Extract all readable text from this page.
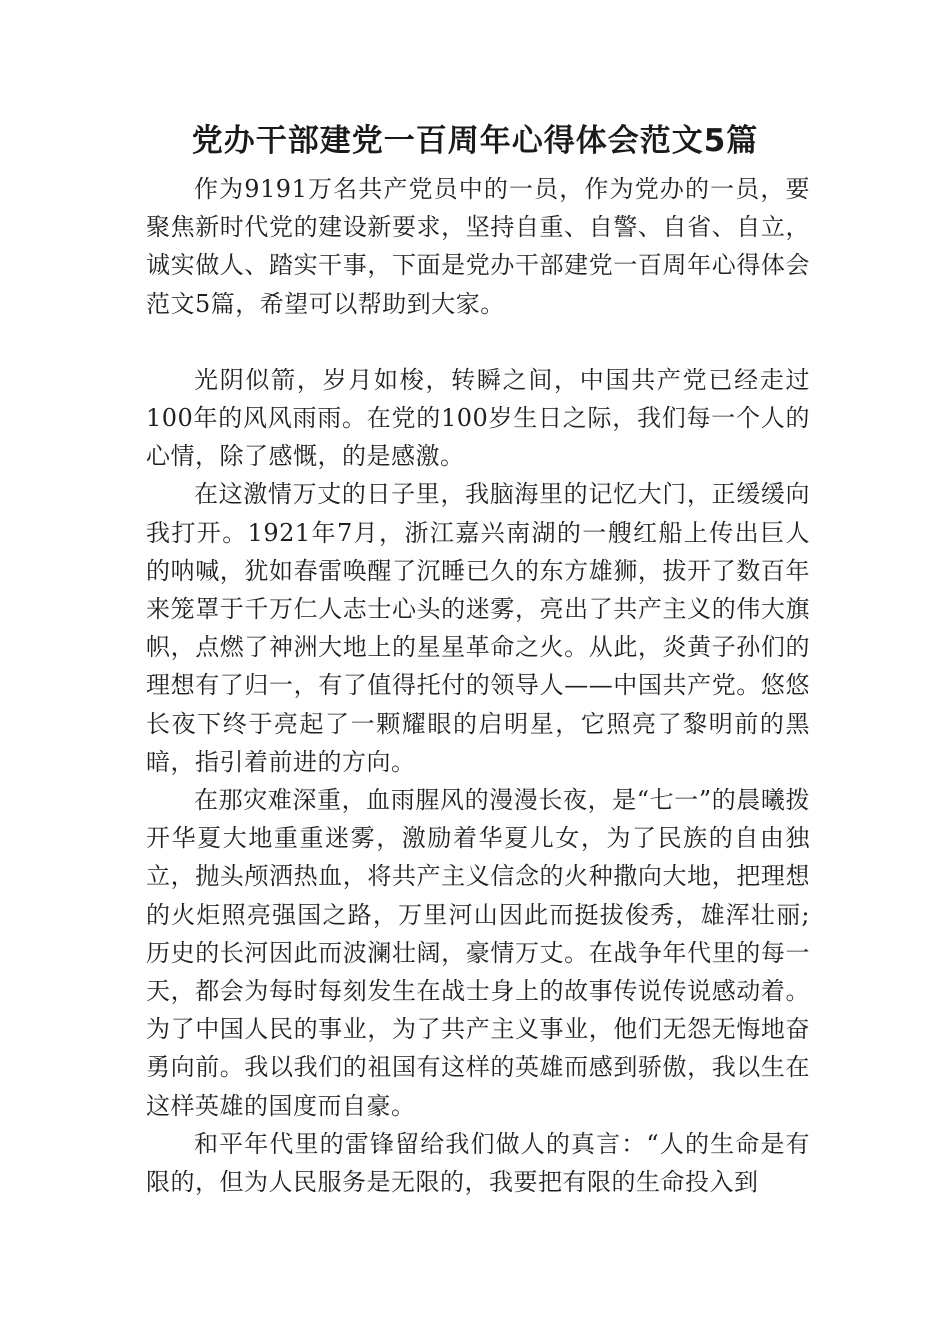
党办干部建党一百周年心得体会范文5篇

作为9191万名共产党员中的一员，作为党办的一员，要聚焦新时代党的建设新要求，坚持自重、自警、自省、自立，诚实做人、踏实干事，下面是党办干部建党一百周年心得体会范文5篇，希望可以帮助到大家。

光阴似箭，岁月如梭，转瞬之间，中国共产党已经走过100年的风风雨雨。在党的100岁生日之际，我们每一个人的心情，除了感慨，的是感激。

在这激情万丈的日子里，我脑海里的记忆大门，正缓缓向我打开。1921年7月，浙江嘉兴南湖的一艘红船上传出巨人的呐喊，犹如春雷唤醒了沉睡已久的东方雄狮，拔开了数百年来笼罩于千万仁人志士心头的迷雾，亮出了共产主义的伟大旗帜，点燃了神洲大地上的星星革命之火。从此，炎黄子孙们的理想有了归一，有了值得托付的领导人——中国共产党。悠悠长夜下终于亮起了一颗耀眼的启明星，它照亮了黎明前的黑暗，指引着前进的方向。

在那灾难深重，血雨腥风的漫漫长夜，是“七一”的晨曦拨开华夏大地重重迷雾，激励着华夏儿女，为了民族的自由独立，抛头颅洒热血，将共产主义信念的火种撒向大地，把理想的火炬照亮强国之路，万里河山因此而挺拔俊秀，雄浑壮丽;历史的长河因此而波澜壮阔，豪情万丈。在战争年代里的每一天，都会为每时每刻发生在战士身上的故事传说传说感动着。为了中国人民的事业，为了共产主义事业，他们无怨无悔地奋勇向前。我以我们的祖国有这样的英雄而感到骄傲，我以生在这样英雄的国度而自豪。

和平年代里的雷锋留给我们做人的真言：“人的生命是有限的，但为人民服务是无限的，我要把有限的生命投入到
